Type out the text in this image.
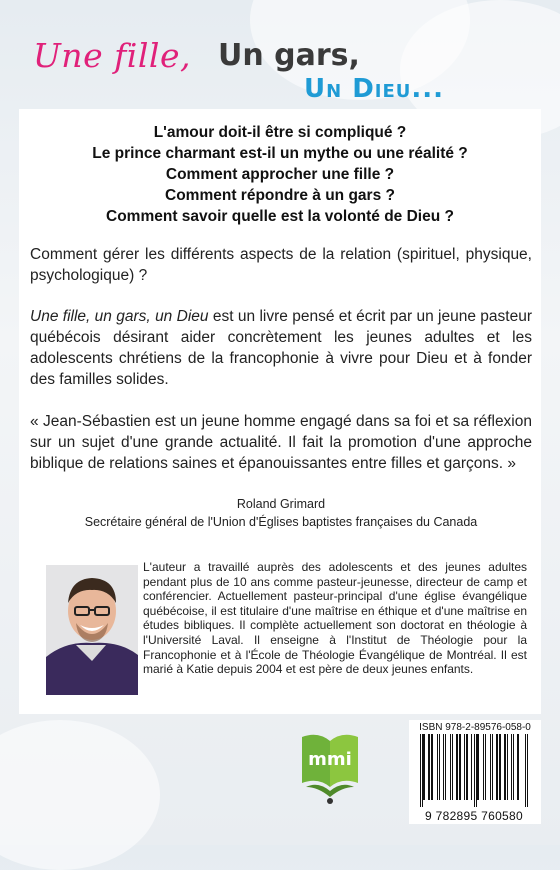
Une fille, Un gars,
Un Dieu...
L'amour doit-il être si compliqué ?
Le prince charmant est-il un mythe ou une réalité ?
Comment approcher une fille ?
Comment répondre à un gars ?
Comment savoir quelle est la volonté de Dieu ?

Comment gérer les différents aspects de la relation (spirituel, physique, psychologique) ?

Une fille, un gars, un Dieu est un livre pensé et écrit par un jeune pasteur québécois désirant aider concrètement les jeunes adultes et les adolescents chrétiens de la francophonie à vivre pour Dieu et à fonder des familles solides.

« Jean-Sébastien est un jeune homme engagé dans sa foi et sa réflexion sur un sujet d'une grande actualité. Il fait la promotion d'une approche biblique de relations saines et épanouissantes entre filles et garçons. »

Roland Grimard
Secrétaire général de l'Union d'Églises baptistes françaises du Canada

L'auteur a travaillé auprès des adolescents et des jeunes adultes pendant plus de 10 ans comme pasteur-jeunesse, directeur de camp et conférencier. Actuellement pasteur-principal d'une église évangélique québécoise, il est titulaire d'une maîtrise en éthique et d'une maîtrise en études bibliques. Il complète actuellement son doctorat en théologie à l'Université Laval. Il enseigne à l'Institut de Théologie pour la Francophonie et à l'École de Théologie Évangélique de Montréal. Il est marié à Katie depuis 2004 et est père de deux jeunes enfants.

mmi
ISBN 978-2-89576-058-0
9 782895 760580
